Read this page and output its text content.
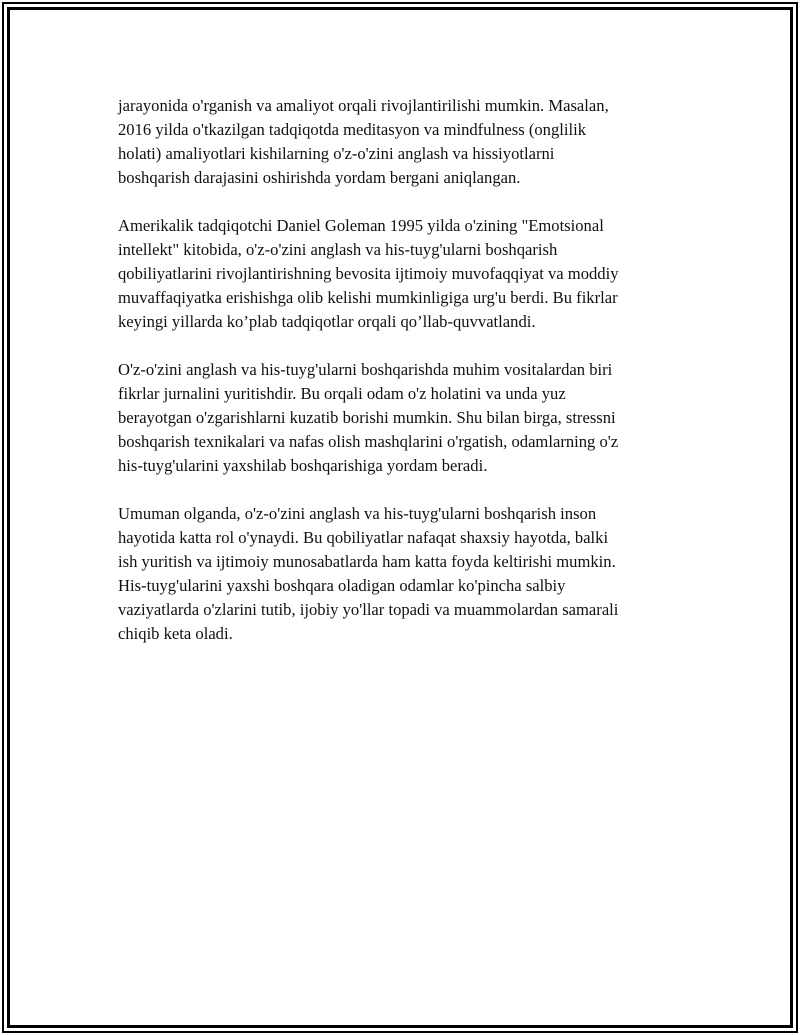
jarayonida o'rganish va amaliyot orqali rivojlantirilishi mumkin. Masalan,
2016 yilda o'tkazilgan tadqiqotda meditasyon va mindfulness (onglilik
holati) amaliyotlari kishilarning o'z-o'zini anglash va hissiyotlarni
boshqarish darajasini oshirishda yordam bergani aniqlangan.

Amerikalik tadqiqotchi Daniel Goleman 1995 yilda o'zining "Emotsional
intellekt" kitobida, o'z-o'zini anglash va his-tuyg'ularni boshqarish
qobiliyatlarini rivojlantirishning bevosita ijtimoiy muvofaqqiyat va moddiy
muvaffaqiyatka erishishga olib kelishi mumkinligiga urg'u berdi. Bu fikrlar
keyingi yillarda ko’plab tadqiqotlar orqali qo’llab-quvvatlandi.

O'z-o'zini anglash va his-tuyg'ularni boshqarishda muhim vositalardan biri
fikrlar jurnalini yuritishdir. Bu orqali odam o'z holatini va unda yuz
berayotgan o'zgarishlarni kuzatib borishi mumkin. Shu bilan birga, stressni
boshqarish texnikalari va nafas olish mashqlarini o'rgatish, odamlarning o'z
his-tuyg'ularini yaxshilab boshqarishiga yordam beradi.

Umuman olganda, o'z-o'zini anglash va his-tuyg'ularni boshqarish inson
hayotida katta rol o'ynaydi. Bu qobiliyatlar nafaqat shaxsiy hayotda, balki
ish yuritish va ijtimoiy munosabatlarda ham katta foyda keltirishi mumkin.
His-tuyg'ularini yaxshi boshqara oladigan odamlar ko'pincha salbiy
vaziyatlarda o'zlarini tutib, ijobiy yo'llar topadi va muammolardan samarali
chiqib keta oladi.
